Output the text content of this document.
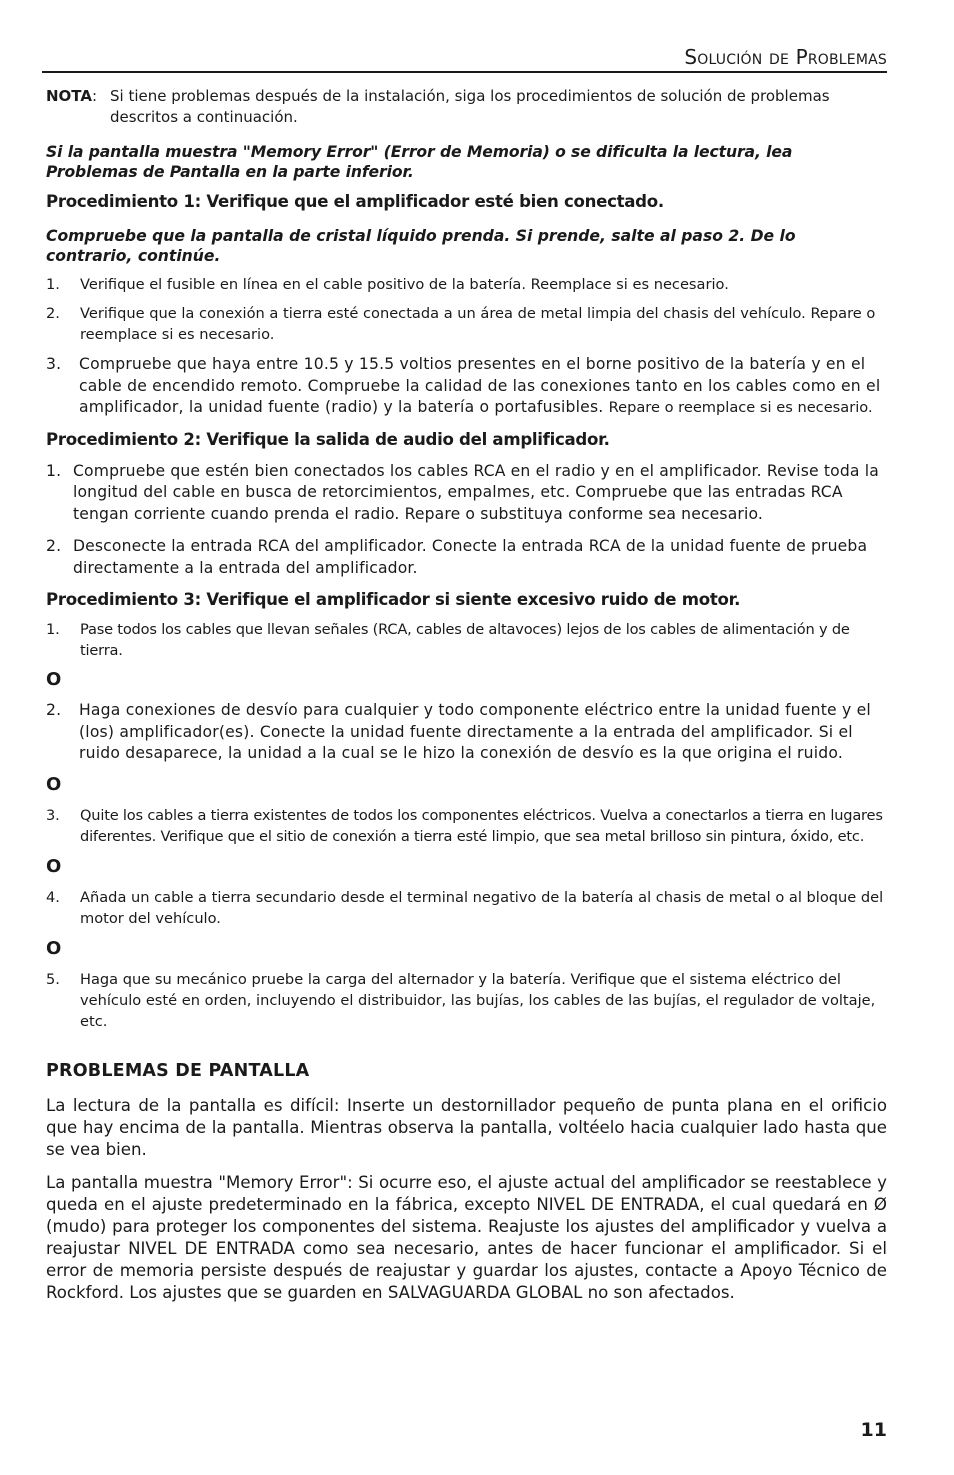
Solución de Problemas
NOTA: Si tiene problemas después de la instalación, siga los procedimientos de solución de problemas descritos a continuación.
Si la pantalla muestra "Memory Error" (Error de Memoria) o se dificulta la lectura, lea Problemas de Pantalla en la parte inferior.
Procedimiento 1: Verifique que el amplificador esté bien conectado.
Compruebe que la pantalla de cristal líquido prenda. Si prende, salte al paso 2. De lo contrario, continúe.
1. Verifique el fusible en línea en el cable positivo de la batería. Reemplace si es necesario.
2. Verifique que la conexión a tierra esté conectada a un área de metal limpia del chasis del vehículo. Repare o reemplace si es necesario.
3. Compruebe que haya entre 10.5 y 15.5 voltios presentes en el borne positivo de la batería y en el cable de encendido remoto. Compruebe la calidad de las conexiones tanto en los cables como en el amplificador, la unidad fuente (radio) y la batería o portafusibles. Repare o reemplace si es necesario.
Procedimiento 2: Verifique la salida de audio del amplificador.
1. Compruebe que estén bien conectados los cables RCA en el radio y en el amplificador. Revise toda la longitud del cable en busca de retorcimientos, empalmes, etc. Compruebe que las entradas RCA tengan corriente cuando prenda el radio. Repare o substituya conforme sea necesario.
2. Desconecte la entrada RCA del amplificador. Conecte la entrada RCA de la unidad fuente de prueba directamente a la entrada del amplificador.
Procedimiento 3: Verifique el amplificador si siente excesivo ruido de motor.
1. Pase todos los cables que llevan señales (RCA, cables de altavoces) lejos de los cables de alimentación y de tierra.
O
2. Haga conexiones de desvío para cualquier y todo componente eléctrico entre la unidad fuente y el (los) amplificador(es). Conecte la unidad fuente directamente a la entrada del amplificador. Si el ruido desaparece, la unidad a la cual se le hizo la conexión de desvío es la que origina el ruido.
O
3. Quite los cables a tierra existentes de todos los componentes eléctricos. Vuelva a conectarlos a tierra en lugares diferentes. Verifique que el sitio de conexión a tierra esté limpio, que sea metal brilloso sin pintura, óxido, etc.
O
4. Añada un cable a tierra secundario desde el terminal negativo de la batería al chasis de metal o al bloque del motor del vehículo.
O
5. Haga que su mecánico pruebe la carga del alternador y la batería. Verifique que el sistema eléctrico del vehículo esté en orden, incluyendo el distribuidor, las bujías, los cables de las bujías, el regulador de voltaje, etc.
PROBLEMAS DE PANTALLA
La lectura de la pantalla es difícil: Inserte un destornillador pequeño de punta plana en el orificio que hay encima de la pantalla. Mientras observa la pantalla, voltéelo hacia cualquier lado hasta que se vea bien.
La pantalla muestra "Memory Error": Si ocurre eso, el ajuste actual del amplificador se reestablece y queda en el ajuste predeterminado en la fábrica, excepto NIVEL DE ENTRADA, el cual quedará en Ø (mudo) para proteger los componentes del sistema. Reajuste los ajustes del amplificador y vuelva a reajustar NIVEL DE ENTRADA como sea necesario, antes de hacer funcionar el amplificador. Si el error de memoria persiste después de reajustar y guardar los ajustes, contacte a Apoyo Técnico de Rockford. Los ajustes que se guarden en SALVAGUARDA GLOBAL no son afectados.
11
